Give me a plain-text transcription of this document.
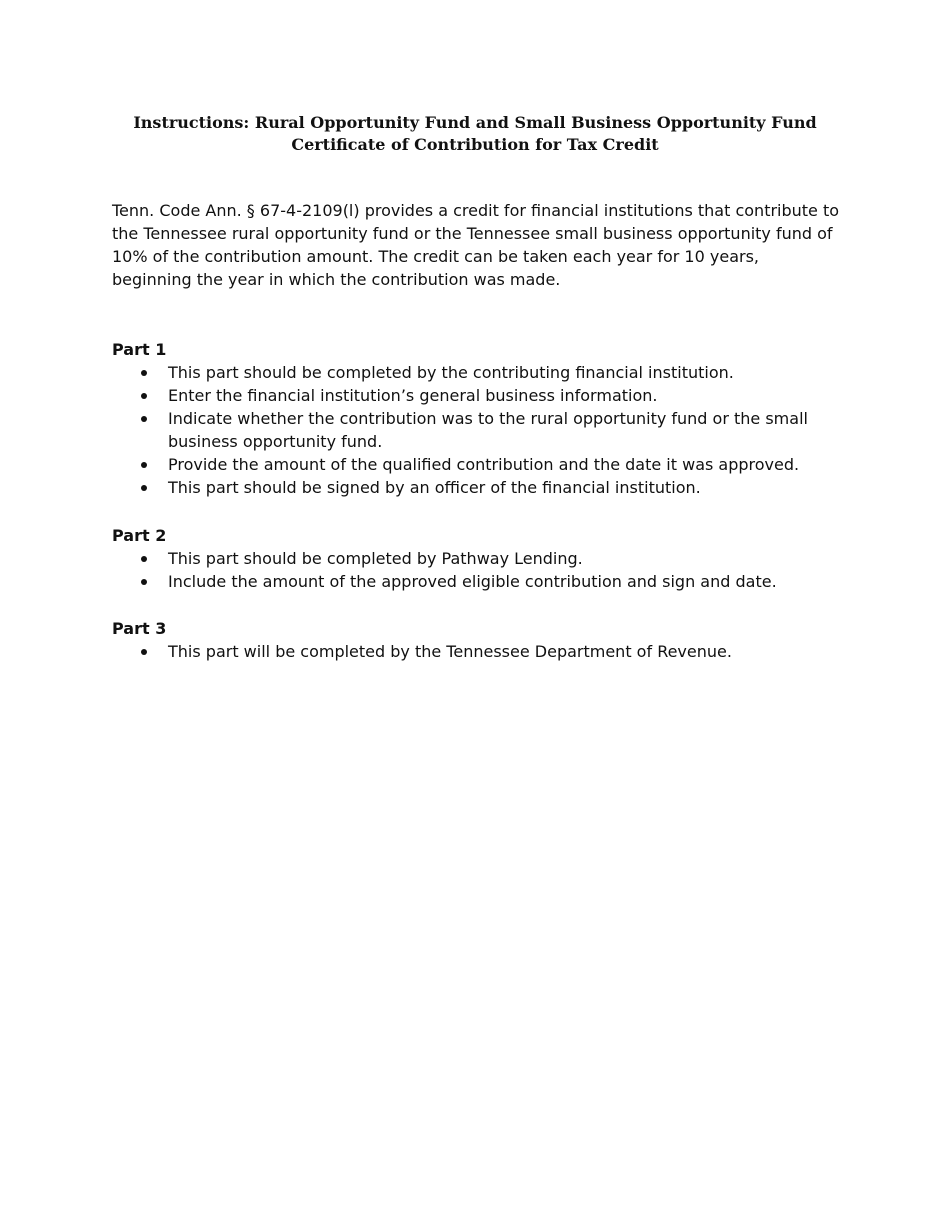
Instructions: Rural Opportunity Fund and Small Business Opportunity Fund
Certificate of Contribution for Tax Credit

Tenn. Code Ann. § 67-4-2109(l) provides a credit for financial institutions that contribute to the Tennessee rural opportunity fund or the Tennessee small business opportunity fund of 10% of the contribution amount. The credit can be taken each year for 10 years, beginning the year in which the contribution was made.

Part 1
This part should be completed by the contributing financial institution.
Enter the financial institution’s general business information.
Indicate whether the contribution was to the rural opportunity fund or the small business opportunity fund.
Provide the amount of the qualified contribution and the date it was approved.
This part should be signed by an officer of the financial institution.
Part 2
This part should be completed by Pathway Lending.
Include the amount of the approved eligible contribution and sign and date.
Part 3
This part will be completed by the Tennessee Department of Revenue.
